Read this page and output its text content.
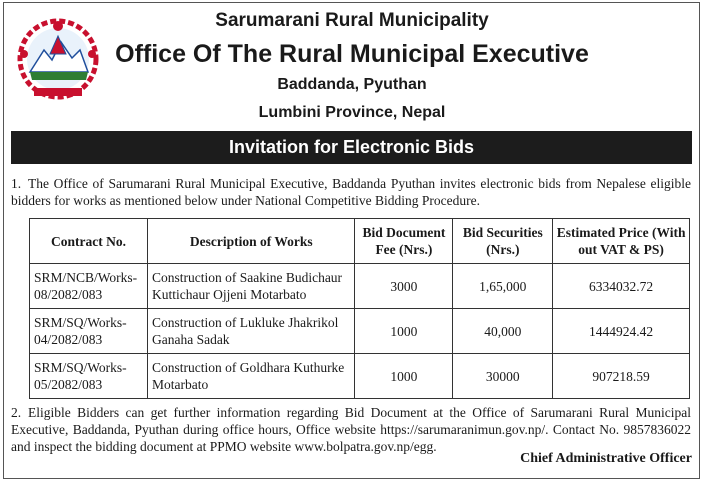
Sarumarani Rural Municipality
Office Of The Rural Municipal Executive
Baddanda, Pyuthan
Lumbini Province, Nepal
Invitation for Electronic Bids
1. The Office of Sarumarani Rural Municipal Executive, Baddanda Pyuthan invites electronic bids from Nepalese eligible bidders for works as mentioned below under National Competitive Bidding Procedure.
Contract No.	Description of Works	Bid Document Fee (Nrs.)	Bid Securities (Nrs.)	Estimated Price (With out VAT & PS)
SRM/NCB/Works-08/2082/083	Construction of Saakine Budichaur Kuttichaur Ojjeni Motarbato	3000	1,65,000	6334032.72
SRM/SQ/Works-04/2082/083	Construction of Lukluke Jhakrikol Ganaha Sadak	1000	40,000	1444924.42
SRM/SQ/Works-05/2082/083	Construction of Goldhara Kuthurke Motarbato	1000	30000	907218.59
2. Eligible Bidders can get further information regarding Bid Document at the Office of Sarumarani Rural Municipal Executive, Baddanda, Pyuthan during office hours, Office website https://sarumaranimun.gov.np/. Contact No. 9857836022 and inspect the bidding document at PPMO website www.bolpatra.gov.np/egg.
Chief Administrative Officer
